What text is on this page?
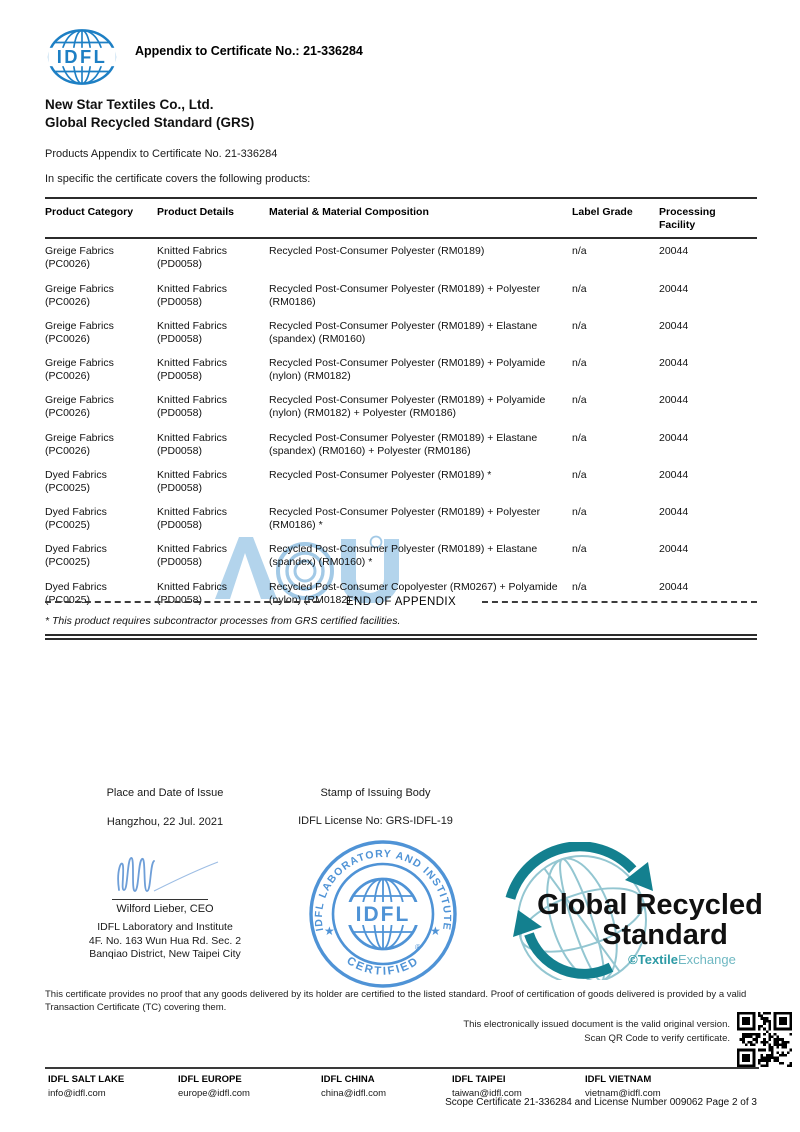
IDFL Appendix to Certificate No.: 21-336284
New Star Textiles Co., Ltd.
Global Recycled Standard (GRS)
Products Appendix to Certificate No. 21-336284
In specific the certificate covers the following products:
Product Category	Product Details	Material & Material Composition	Label Grade	Processing Facility
Greige Fabrics (PC0026)	Knitted Fabrics (PD0058)	Recycled Post-Consumer Polyester (RM0189)	n/a	20044
Greige Fabrics (PC0026)	Knitted Fabrics (PD0058)	Recycled Post-Consumer Polyester (RM0189) + Polyester (RM0186)	n/a	20044
Greige Fabrics (PC0026)	Knitted Fabrics (PD0058)	Recycled Post-Consumer Polyester (RM0189) + Elastane (spandex) (RM0160)	n/a	20044
Greige Fabrics (PC0026)	Knitted Fabrics (PD0058)	Recycled Post-Consumer Polyester (RM0189) + Polyamide (nylon) (RM0182)	n/a	20044
Greige Fabrics (PC0026)	Knitted Fabrics (PD0058)	Recycled Post-Consumer Polyester (RM0189) + Polyamide (nylon) (RM0182) + Polyester (RM0186)	n/a	20044
Greige Fabrics (PC0026)	Knitted Fabrics (PD0058)	Recycled Post-Consumer Polyester (RM0189) + Elastane (spandex) (RM0160) + Polyester (RM0186)	n/a	20044
Dyed Fabrics (PC0025)	Knitted Fabrics (PD0058)	Recycled Post-Consumer Polyester (RM0189) *	n/a	20044
Dyed Fabrics (PC0025)	Knitted Fabrics (PD0058)	Recycled Post-Consumer Polyester (RM0189) + Polyester (RM0186) *	n/a	20044
Dyed Fabrics (PC0025)	Knitted Fabrics (PD0058)	Recycled Post-Consumer Polyester (RM0189) + Elastane (spandex) (RM0160) *	n/a	20044
Dyed Fabrics (PC0025)	Knitted Fabrics (PD0058)	Recycled Post-Consumer Copolyester (RM0267) + Polyamide (nylon) (RM0182) *	n/a	20044
* This product requires subcontractor processes from GRS certified facilities.
END OF APPENDIX
Place and Date of Issue
Hangzhou, 22 Jul. 2021
Stamp of Issuing Body
IDFL License No: GRS-IDFL-19
Wilford Lieber, CEO
IDFL Laboratory and Institute
4F. No. 163 Wun Hua Rd. Sec. 2
Banqiao District, New Taipei City
IDFL LABORATORY AND INSTITUTE
CERTIFIED
★	★
IDFL
®
Global Recycled
Standard
©TextileExchange
This certificate provides no proof that any goods delivered by its holder are certified to the listed standard. Proof of certification of goods delivered is provided by a valid Transaction Certificate (TC) covering them.
This electronically issued document is the valid original version.
Scan QR Code to verify certificate.
IDFL SALT LAKE
info@idfl.com
IDFL EUROPE
europe@idfl.com
IDFL CHINA
china@idfl.com
IDFL TAIPEI
taiwan@idfl.com
IDFL VIETNAM
vietnam@idfl.com
Scope Certificate 21-336284 and License Number 009062 Page 2 of 3
